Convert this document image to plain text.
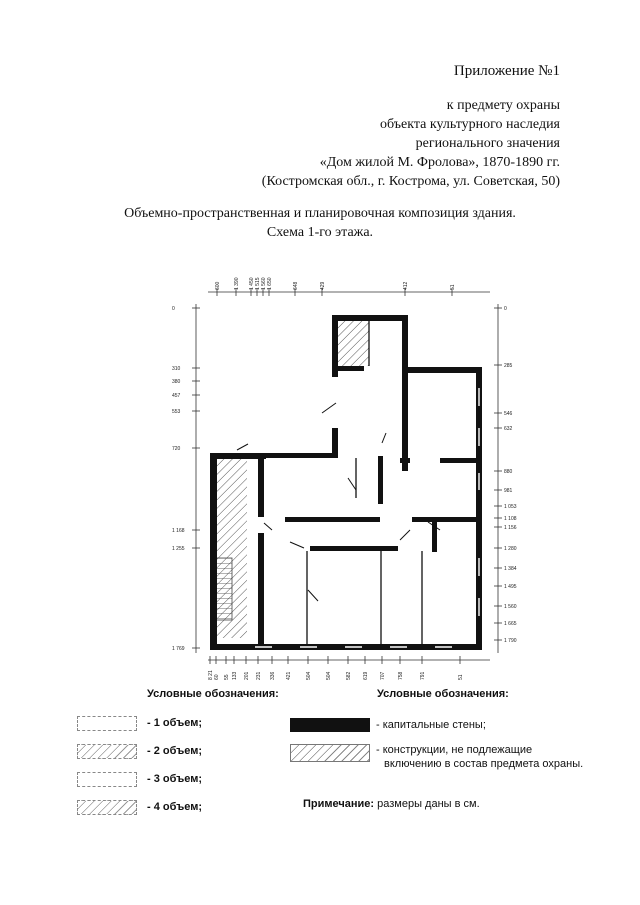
Приложение №1
к предмету охраны
объекта культурного наследия
регионального значения
«Дом жилой М. Фролова», 1870-1890 гг.
(Костромская обл., г. Кострома, ул. Советская, 50)
Объемно-пространственная и планировочная композиция здания.
Схема 1-го этажа.
600	1 390 1 450 1 515 1 560 1 650	648	429	412	51
8 21 60 55 133 201 231 336 421	504	504	582 619 707 758	791	51
0
310
380
457
553
720
1 168
1 255
1 769
0
285
546
632
880
981
1 053
1 108
1 156
1 280
1 384
1 495
1 560
1 665
1 790
Условные обозначения:	Условные обозначения:
- 1 объем;
- 2 объем;
- 3 объем;
- 4 объем;
- капитальные стены;
- конструкции, не подлежащие
включению в состав предмета охраны.
Примечание: размеры даны в см.
